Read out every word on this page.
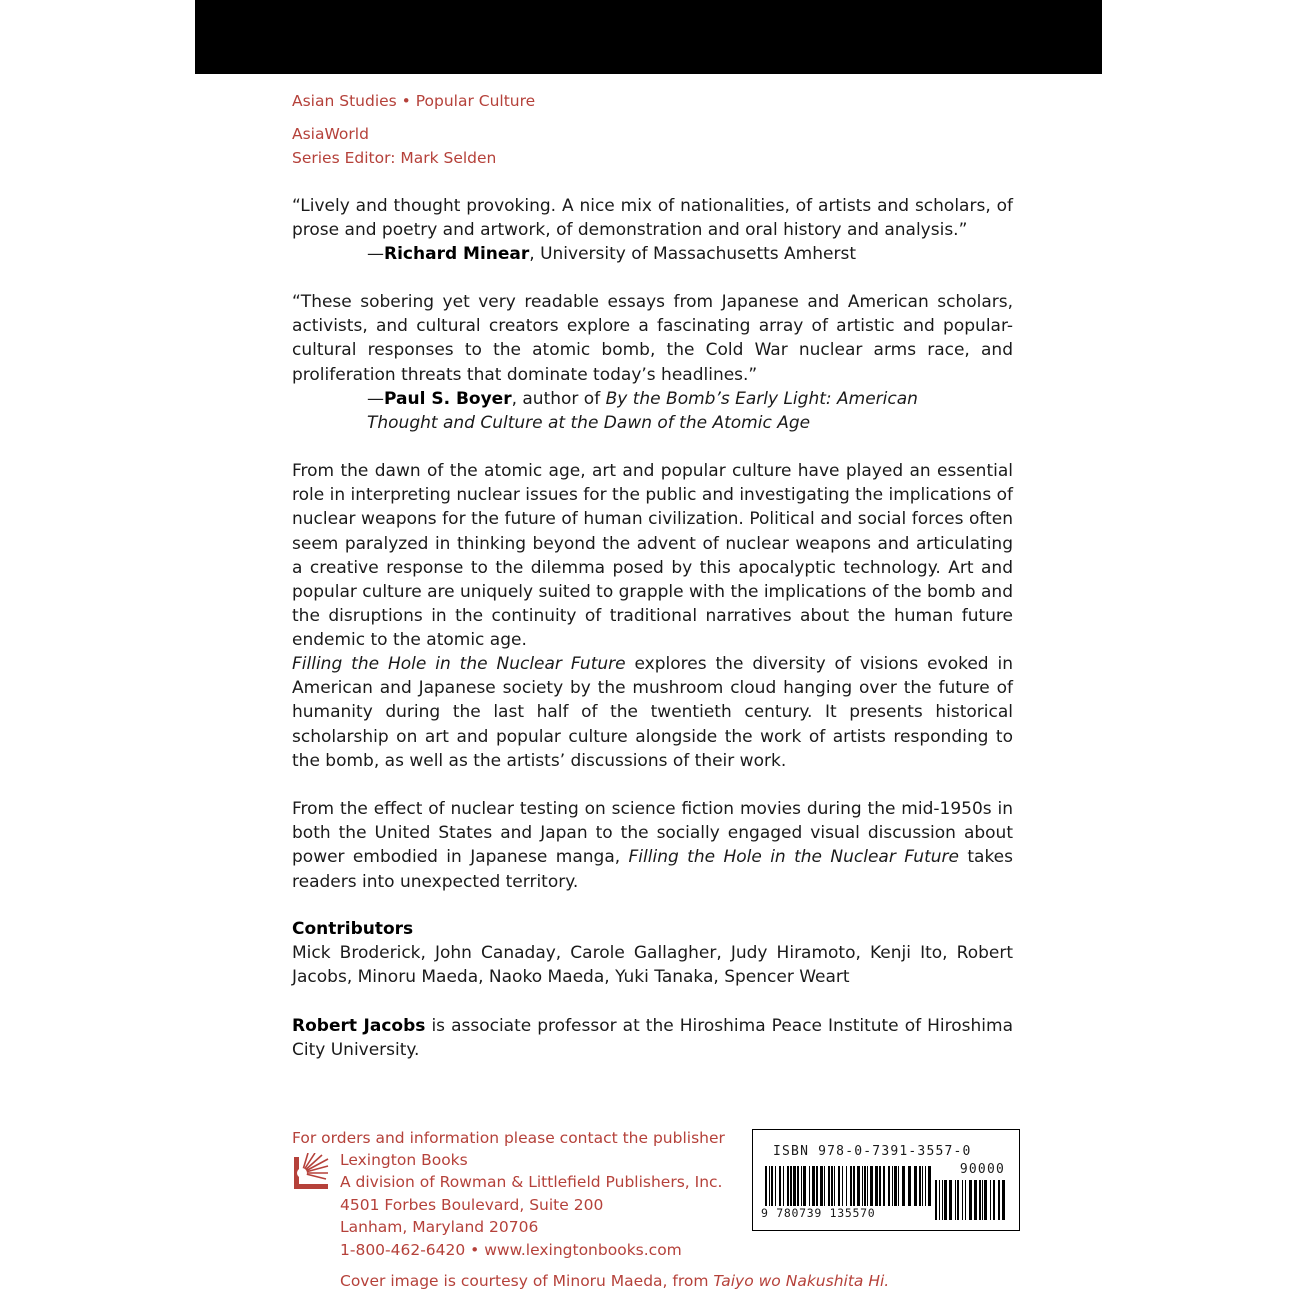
Asian Studies • Popular Culture
AsiaWorld
Series Editor: Mark Selden

“Lively and thought provoking. A nice mix of nationalities, of artists and scholars, of prose and poetry and artwork, of demonstration and oral history and analysis.”

—Richard Minear, University of Massachusetts Amherst

“These sobering yet very readable essays from Japanese and American scholars, activists, and cultural creators explore a fascinating array of artistic and popular-cultural responses to the atomic bomb, the Cold War nuclear arms race, and proliferation threats that dominate today’s headlines.”

—Paul S. Boyer, author of By the Bomb’s Early Light: American Thought and Culture at the Dawn of the Atomic Age

From the dawn of the atomic age, art and popular culture have played an essential role in interpreting nuclear issues for the public and investigating the implications of nuclear weapons for the future of human civilization. Political and social forces often seem paralyzed in thinking beyond the advent of nuclear weapons and articulating a creative response to the dilemma posed by this apocalyptic technology. Art and popular culture are uniquely suited to grapple with the implications of the bomb and the disruptions in the continuity of traditional narratives about the human future endemic to the atomic age.

Filling the Hole in the Nuclear Future explores the diversity of visions evoked in American and Japanese society by the mushroom cloud hanging over the future of humanity during the last half of the twentieth century. It presents historical scholarship on art and popular culture alongside the work of artists responding to the bomb, as well as the artists’ discussions of their work.

From the effect of nuclear testing on science fiction movies during the mid-1950s in both the United States and Japan to the socially engaged visual discussion about power embodied in Japanese manga, Filling the Hole in the Nuclear Future takes readers into unexpected territory.

Contributors
Mick Broderick, John Canaday, Carole Gallagher, Judy Hiramoto, Kenji Ito, Robert Jacobs, Minoru Maeda, Naoko Maeda, Yuki Tanaka, Spencer Weart

Robert Jacobs is associate professor at the Hiroshima Peace Institute of Hiroshima City University.

For orders and information please contact the publisher
Lexington Books
A division of Rowman & Littlefield Publishers, Inc.
4501 Forbes Boulevard, Suite 200
Lanham, Maryland 20706
1-800-462-6420 • www.lexingtonbooks.com
Cover image is courtesy of Minoru Maeda, from Taiyo wo Nakushita Hi.
ISBN 978-0-7391-3557-0
90000
9 780739 135570
